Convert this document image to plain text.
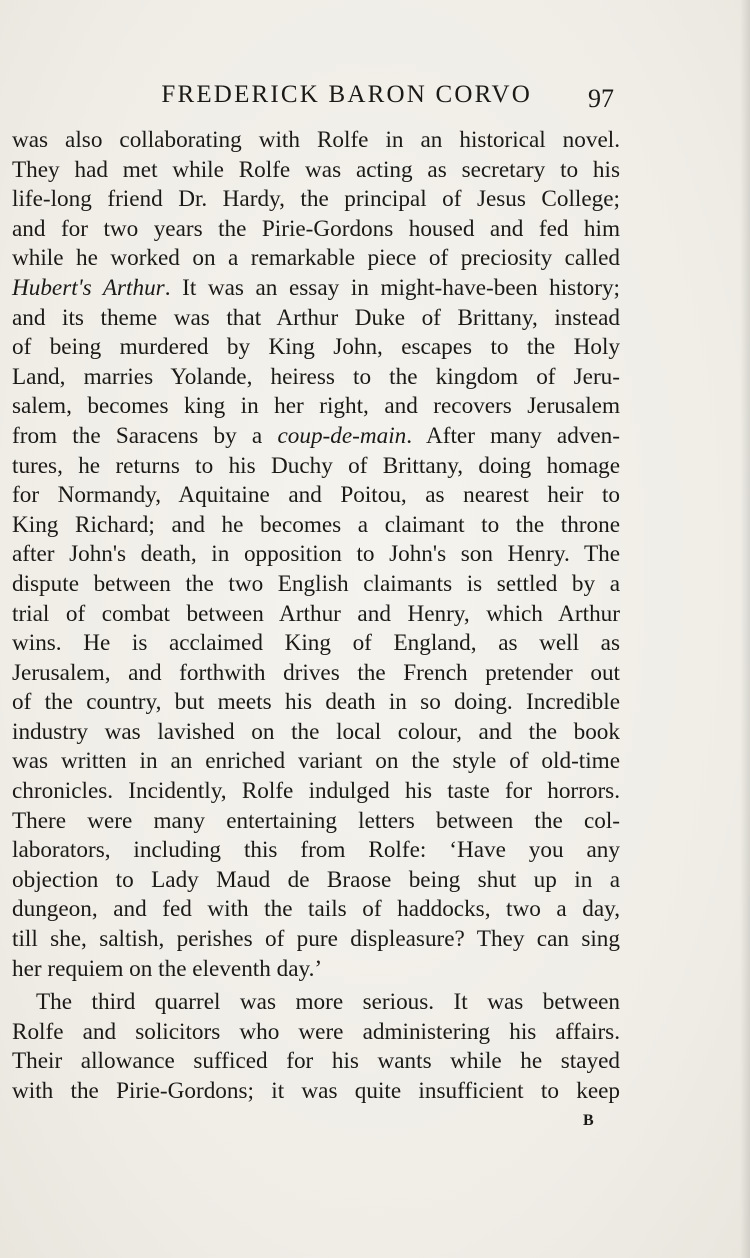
FREDERICK BARON CORVO 97
was also collaborating with Rolfe in an historical novel.
They had met while Rolfe was acting as secretary to his
life-long friend Dr. Hardy, the principal of Jesus College;
and for two years the Pirie-Gordons housed and fed him
while he worked on a remarkable piece of preciosity called
Hubert's Arthur. It was an essay in might-have-been history;
and its theme was that Arthur Duke of Brittany, instead
of being murdered by King John, escapes to the Holy
Land, marries Yolande, heiress to the kingdom of Jeru-
salem, becomes king in her right, and recovers Jerusalem
from the Saracens by a coup-de-main. After many adven-
tures, he returns to his Duchy of Brittany, doing homage
for Normandy, Aquitaine and Poitou, as nearest heir to
King Richard; and he becomes a claimant to the throne
after John's death, in opposition to John's son Henry. The
dispute between the two English claimants is settled by a
trial of combat between Arthur and Henry, which Arthur
wins. He is acclaimed King of England, as well as
Jerusalem, and forthwith drives the French pretender out
of the country, but meets his death in so doing. Incredible
industry was lavished on the local colour, and the book
was written in an enriched variant on the style of old-time
chronicles. Incidently, Rolfe indulged his taste for horrors.
There were many entertaining letters between the col-
laborators, including this from Rolfe: ‘Have you any
objection to Lady Maud de Braose being shut up in a
dungeon, and fed with the tails of haddocks, two a day,
till she, saltish, perishes of pure displeasure? They can sing
her requiem on the eleventh day.’
The third quarrel was more serious. It was between
Rolfe and solicitors who were administering his affairs.
Their allowance sufficed for his wants while he stayed
with the Pirie-Gordons; it was quite insufficient to keep
B
